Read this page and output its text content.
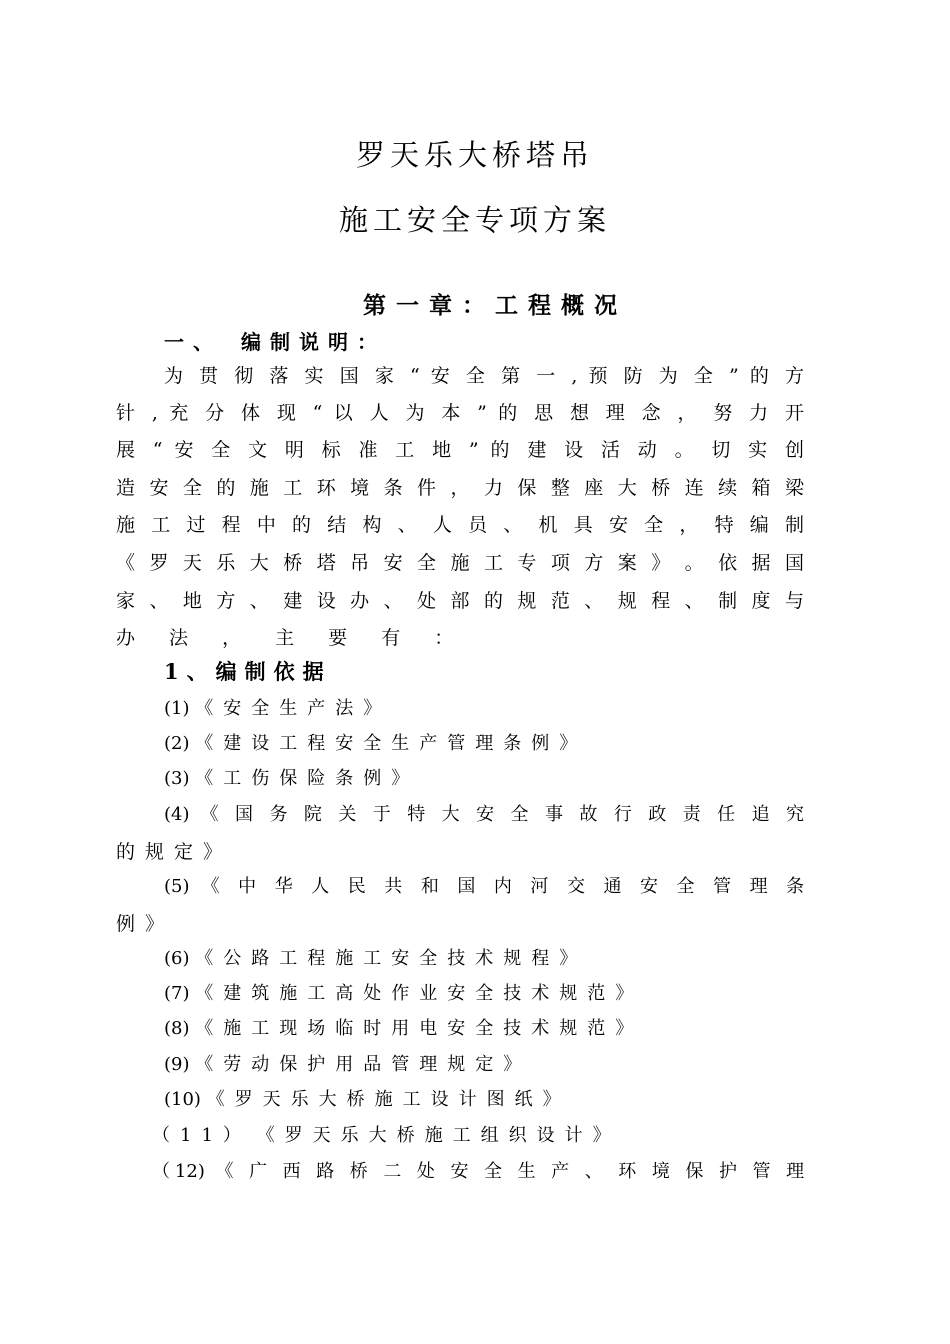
罗天乐大桥塔吊
施工安全专项方案
第一章：工程概况
一、　编制说明：
为 贯 彻 落 实 国 家 “ 安 全 第 一 , 预 防 为 全 ” 的 方
针 , 充 分 体 现 “ 以 人 为 本 ” 的 思 想 理 念 ， 努 力 开
展 “ 安 全 文 明 标 准 工 地 ” 的 建 设 活 动 。 切 实 创
造 安 全 的 施 工 环 境 条 件 ， 力 保 整 座 大 桥 连 续 箱 梁
施 工 过 程 中 的 结 构 、 人 员 、 机 具 安 全 ， 特 编 制
《 罗 天 乐 大 桥 塔 吊 安 全 施 工 专 项 方 案 》 。 依 据 国
家 、 地 方 、 建 设 办 、 处 部 的 规 范 、 规 程 、 制 度 与
办 法 ， 主 要 有 ：
1、编制依据
(1) 《安全生产法》
(2) 《建设工程安全生产管理条例》
(3) 《工伤保险条例》
(4) 《 国 务 院 关 于 特 大 安 全 事 故 行 政 责 任 追 究
的规定》
(5) 《 中 华 人 民 共 和 国 内 河 交 通 安 全 管 理 条
例》
(6) 《公路工程施工安全技术规程》
(7) 《建筑施工高处作业安全技术规范》
(8) 《施工现场临时用电安全技术规范》
(9) 《劳动保护用品管理规定》
(10) 《罗天乐大桥施工设计图纸》
（11） 《罗天乐大桥施工组织设计》
（12) 《 广 西 路 桥 二 处 安 全 生 产 、 环 境 保 护 管 理
